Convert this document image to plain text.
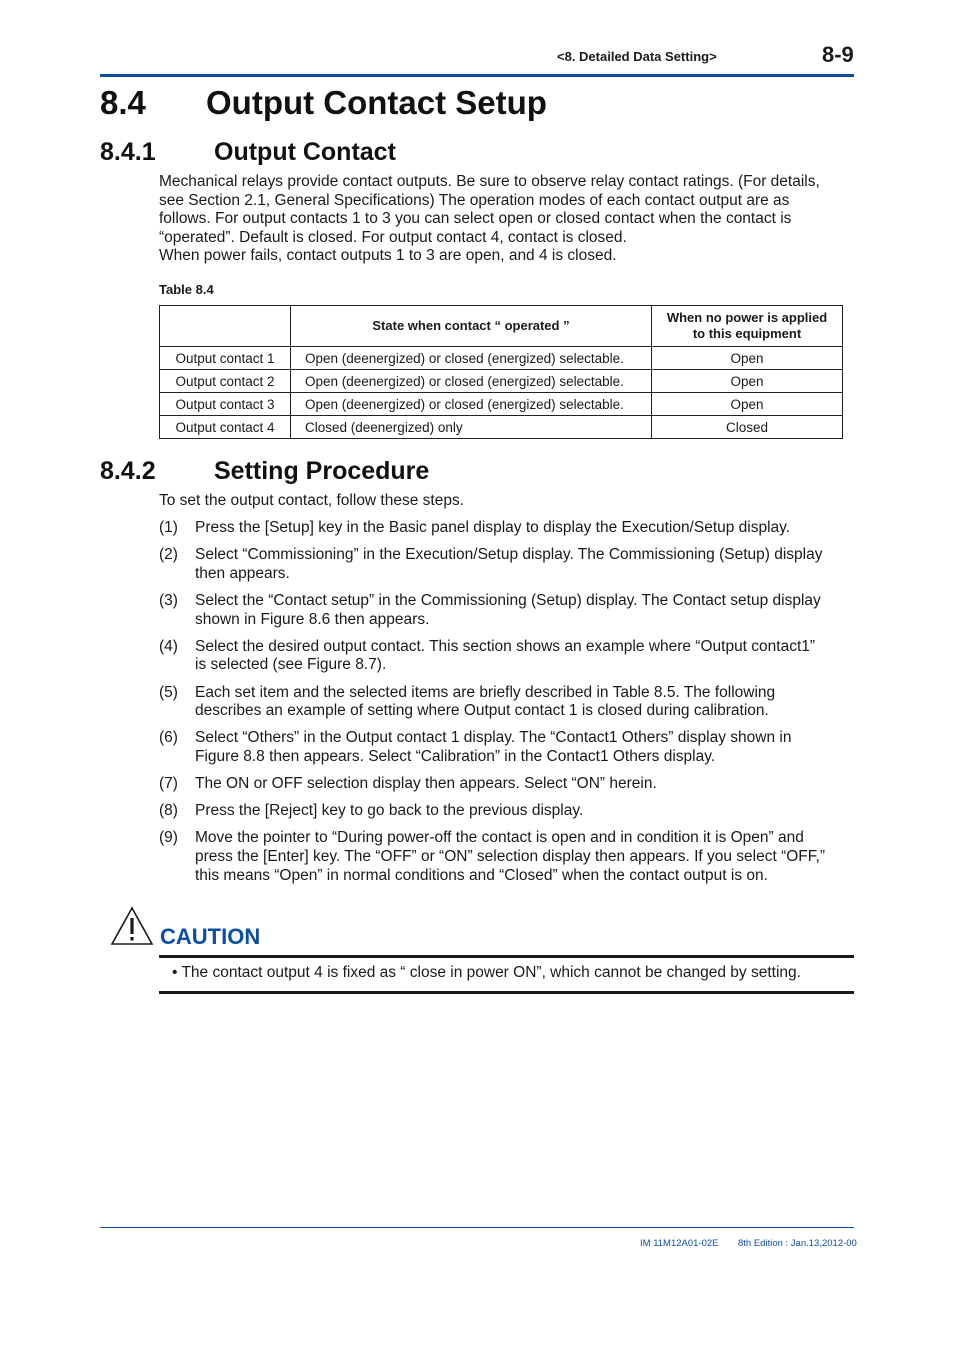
<8. Detailed Data Setting>	8-9
8.4 Output Contact Setup
8.4.1 Output Contact

Mechanical relays provide contact outputs. Be sure to observe relay contact ratings. (For details,

see Section 2.1, General Specifications) The operation modes of each contact output are as

follows. For output contacts 1 to 3 you can select open or closed contact when the contact is

“operated”. Default is closed. For output contact 4, contact is closed.

When power fails, contact outputs 1 to 3 are open, and 4 is closed.

Table 8.4
	State when contact “ operated ”	When no power is applied
to this equipment
Output contact 1	Open (deenergized) or closed (energized) selectable.	Open
Output contact 2	Open (deenergized) or closed (energized) selectable.	Open
Output contact 3	Open (deenergized) or closed (energized) selectable.	Open
Output contact 4	Closed (deenergized) only	Closed
8.4.2 Setting Procedure
To set the output contact, follow these steps.
(1)	Press the [Setup] key in the Basic panel display to display the Execution/Setup display.
(2)	Select “Commissioning” in the Execution/Setup display. The Commissioning (Setup) display
then appears.
(3)	Select the “Contact setup” in the Commissioning (Setup) display. The Contact setup display
shown in Figure 8.6 then appears.
(4)	Select the desired output contact. This section shows an example where “Output contact1”
is selected (see Figure 8.7).
(5)	Each set item and the selected items are briefly described in Table 8.5. The following
describes an example of setting where Output contact 1 is closed during calibration.
(6)	Select “Others” in the Output contact 1 display. The “Contact1 Others” display shown in
Figure 8.8 then appears. Select “Calibration” in the Contact1 Others display.
(7)	The ON or OFF selection display then appears. Select “ON” herein.
(8)	Press the [Reject] key to go back to the previous display.
(9)	Move the pointer to “During power-off the contact is open and in condition it is Open” and
press the [Enter] key. The “OFF” or “ON” selection display then appears. If you select “OFF,”
this means “Open” in normal conditions and “Closed” when the contact output is on.
CAUTION
• The contact output 4 is fixed as “ close in power ON”, which cannot be changed by setting.
IM 11M12A01-02E 8th Edition : Jan.13,2012-00
